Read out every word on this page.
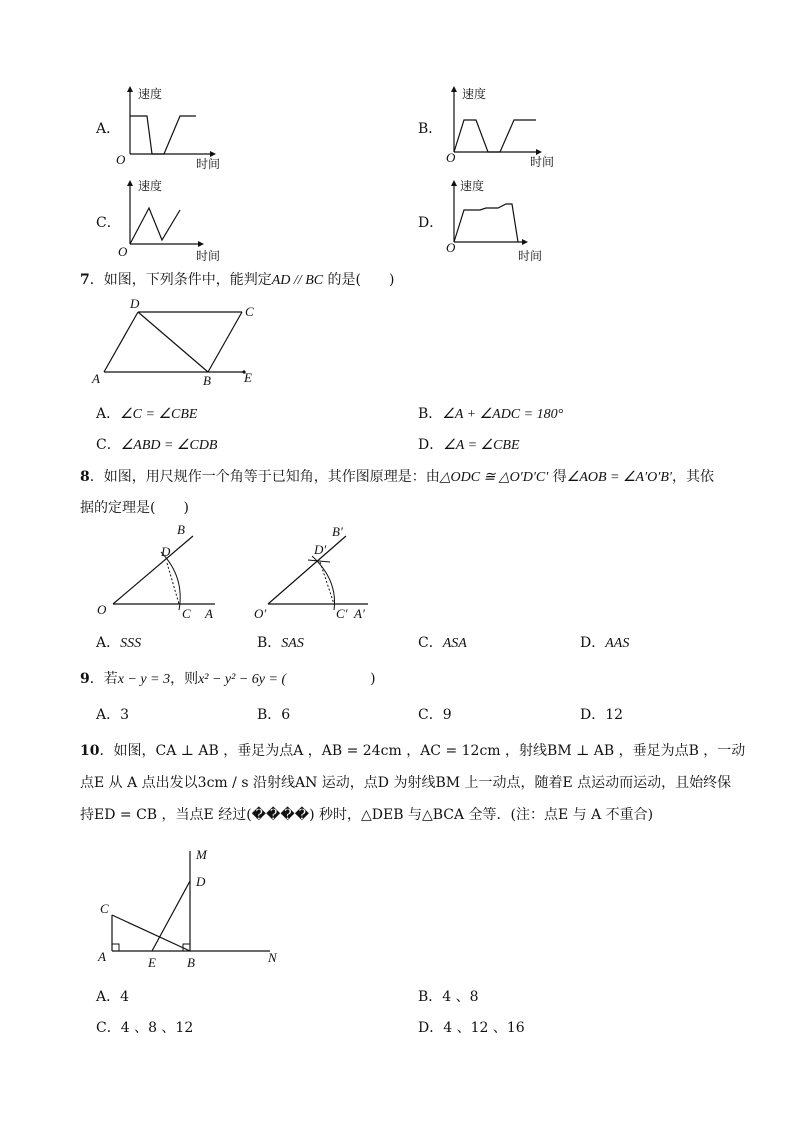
A．
O
速度
时间
B．
O
速度
时间
C．
O
速度
时间
D．
O
速度
时间
7．如图，下列条件中，能判定AD // BC 的是(　　)
A
D
C
B	E
A．∠C = ∠CBE	B．∠A + ∠ADC = 180°
C．∠ABD = ∠CDB	D．∠A = ∠CBE
8．如图，用尺规作一个角等于已知角，其作图原理是：由△ODC ≅ △O′D′C′ 得∠AOB = ∠A′O′B′，其依
据的定理是(　　)
O	A
B
C
D
O′	A′
B′
C′
D′
A．SSS	B．SAS	C．ASA	D．AAS
9．若x − y = 3，则x² − y² − 6y = (　　　　　　)
A．3	B．6	C．9	D．12
10．如图，CA ⊥ AB ，垂足为点A ，AB = 24cm ，AC = 12cm ，射线BM ⊥ AB ，垂足为点B ，一动
点E 从 A 点出发以3cm / s 沿射线AN 运动，点D 为射线BM 上一动点，随着E 点运动而运动，且始终保
持ED = CB ，当点E 经过(����) 秒时，△DEB 与△BCA 全等．(注：点E 与 A 不重合)
M
D
C
A	E B	N
A．4	B．4 、8
C．4 、8 、12	D．4 、12 、16
